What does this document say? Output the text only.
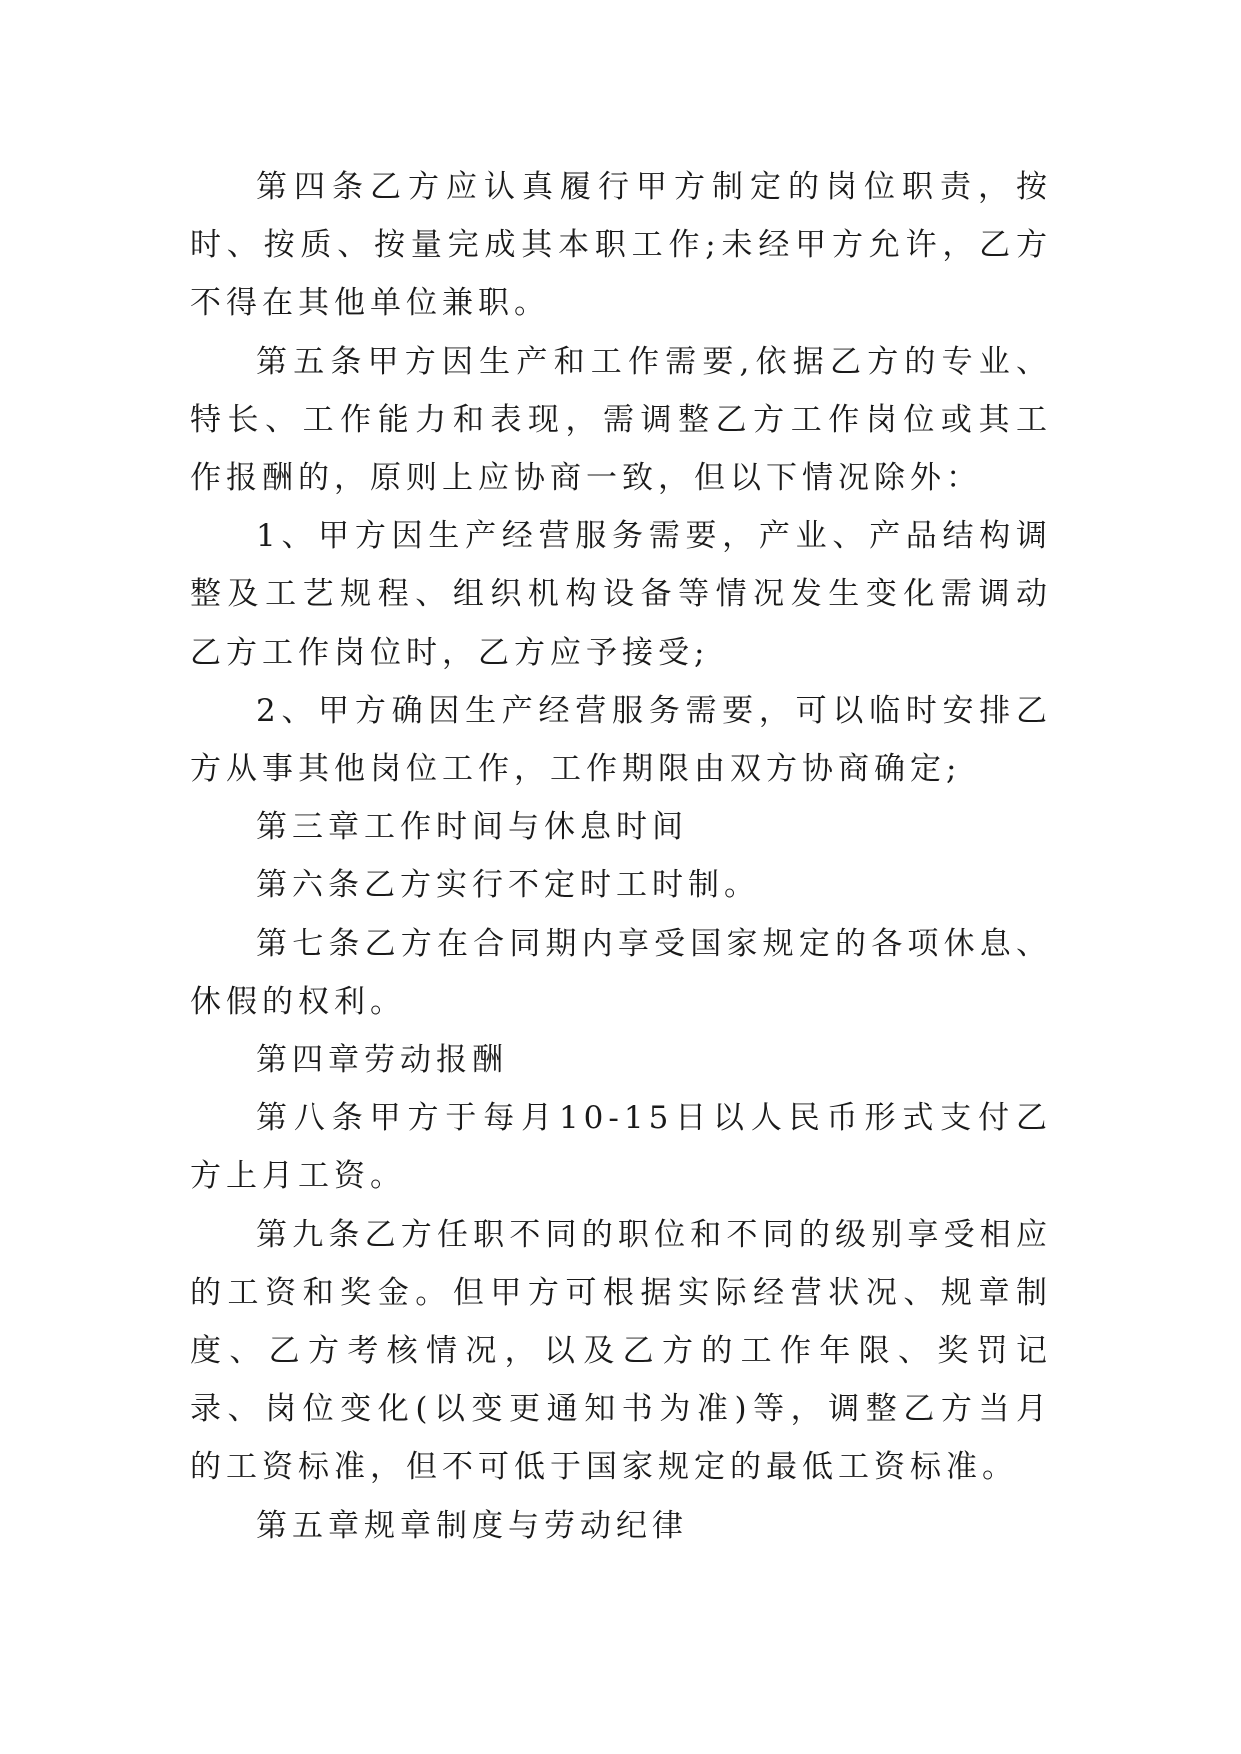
第四条乙方应认真履行甲方制定的岗位职责，按时、按质、按量完成其本职工作;未经甲方允许，乙方不得在其他单位兼职。

第五条甲方因生产和工作需要,依据乙方的专业、特长、工作能力和表现，需调整乙方工作岗位或其工作报酬的，原则上应协商一致，但以下情况除外：

1、甲方因生产经营服务需要，产业、产品结构调整及工艺规程、组织机构设备等情况发生变化需调动乙方工作岗位时，乙方应予接受;

2、甲方确因生产经营服务需要，可以临时安排乙方从事其他岗位工作，工作期限由双方协商确定;

第三章工作时间与休息时间

第六条乙方实行不定时工时制。

第七条乙方在合同期内享受国家规定的各项休息、休假的权利。

第四章劳动报酬

第八条甲方于每月10-15日以人民币形式支付乙方上月工资。

第九条乙方任职不同的职位和不同的级别享受相应的工资和奖金。但甲方可根据实际经营状况、规章制度、乙方考核情况，以及乙方的工作年限、奖罚记录、岗位变化(以变更通知书为准)等，调整乙方当月的工资标准，但不可低于国家规定的最低工资标准。

第五章规章制度与劳动纪律
